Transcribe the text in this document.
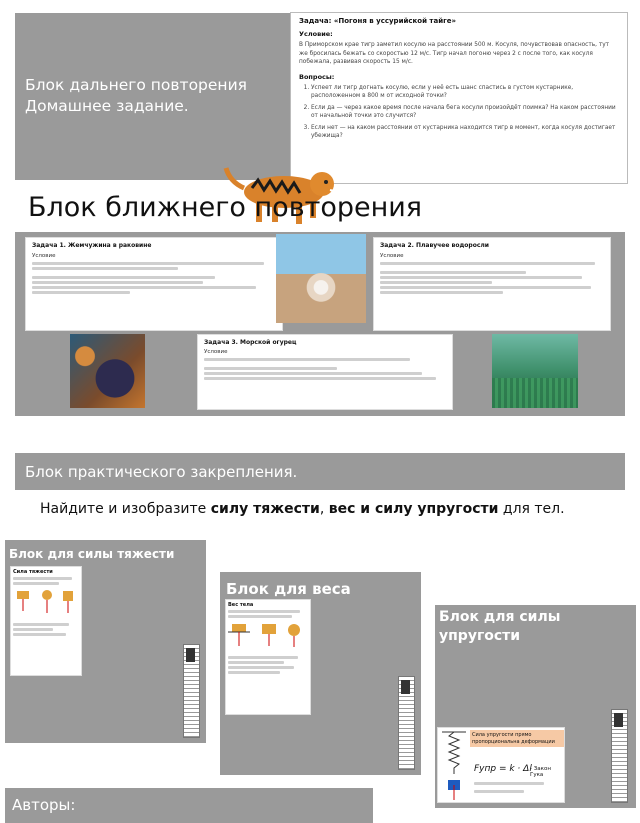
Блок дальнего повторения
Домашнее задание.
Задача: «Погоня в уссурийской тайге»
Условие:
В Приморском крае тигр заметил косулю на расстоянии 500 м. Косуля, почувствовав опасность, тут же бросилась бежать со скоростью 12 м/с. Тигр начал погоню через 2 с после того, как косуля побежала, развивая скорость 15 м/с.
Вопросы:
1. Успеет ли тигр догнать косулю, если у неё есть шанс спастись в густом кустарнике, расположенном в 800 м от исходной точки?
2. Если да — через какое время после начала бега косули произойдёт поимка? На каком расстоянии от начальной точки это случится?
3. Если нет — на каком расстоянии от кустарника находится тигр в момент, когда косуля достигает убежища?
Блок ближнего повторения
Задача 1. Жемчужина в раковине
Условие
Задача 2. Плавучее водоросли
Условие
Задача 3. Морской огурец
Условие
Блок практического закрепления.
Найдите и изобразите силу тяжести, вес и силу упругости для тел.
Блок для силы тяжести
Сила тяжести
Блок для веса
Вес тела
Блок для силы
упругости
Сила упругости прямо пропорциональна деформации
Fупр = k · Δl
- Закон Гука
Авторы:
